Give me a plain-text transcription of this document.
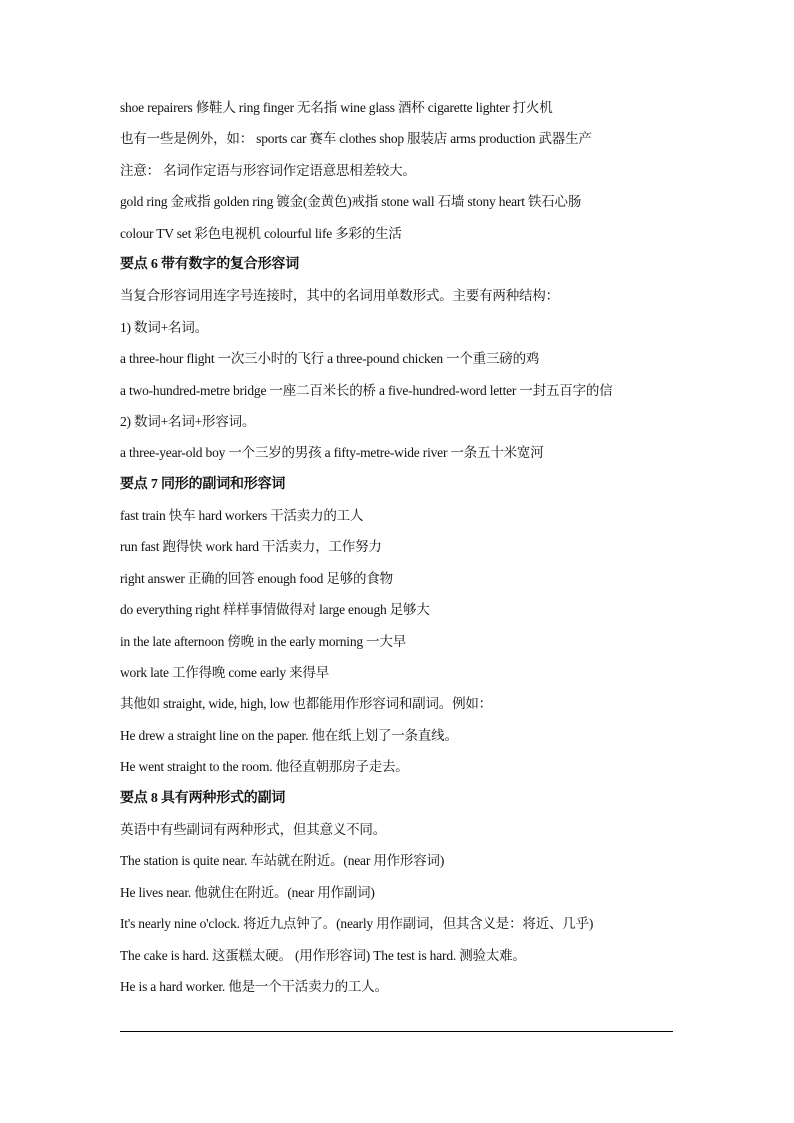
shoe repairers 修鞋人 ring finger 无名指 wine glass 酒杯 cigarette lighter 打火机
也有一些是例外，如： sports car 赛车 clothes shop 服装店 arms production 武器生产
注意： 名词作定语与形容词作定语意思相差较大。
gold ring 金戒指 golden ring 镀金(金黄色)戒指 stone wall 石墙 stony heart 铁石心肠
colour TV set 彩色电视机 colourful life 多彩的生活
要点 6 带有数字的复合形容词
当复合形容词用连字号连接时，其中的名词用单数形式。主要有两种结构：
1) 数词+名词。
a three-hour flight 一次三小时的飞行 a three-pound chicken 一个重三磅的鸡
a two-hundred-metre bridge 一座二百米长的桥 a five-hundred-word letter 一封五百字的信
2) 数词+名词+形容词。
a three-year-old boy 一个三岁的男孩 a fifty-metre-wide river 一条五十米宽河
要点 7 同形的副词和形容词
fast train 快车 hard workers 干活卖力的工人
run fast 跑得快 work hard 干活卖力，工作努力
right answer 正确的回答 enough food 足够的食物
do everything right 样样事情做得对 large enough 足够大
in the late afternoon 傍晚 in the early morning 一大早
work late 工作得晚 come early 来得早
其他如 straight, wide, high, low 也都能用作形容词和副词。例如：
He drew a straight line on the paper. 他在纸上划了一条直线。
He went straight to the room. 他径直朝那房子走去。
要点 8 具有两种形式的副词
英语中有些副词有两种形式，但其意义不同。
The station is quite near. 车站就在附近。(near 用作形容词)
He lives near. 他就住在附近。(near 用作副词)
It's nearly nine o'clock. 将近九点钟了。(nearly 用作副词，但其含义是：将近、几乎)
The cake is hard. 这蛋糕太硬。 (用作形容词) The test is hard. 测验太难。
He is a hard worker. 他是一个干活卖力的工人。
